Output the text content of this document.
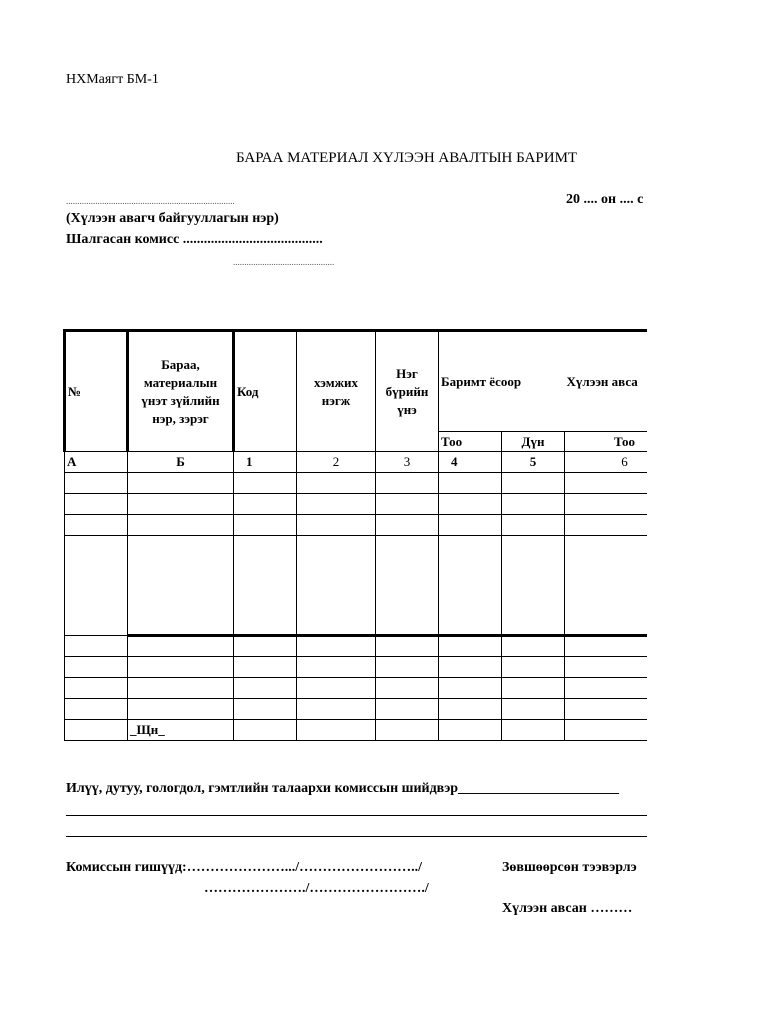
НХМаягт БМ-1
БАРАА МАТЕРИАЛ ХҮЛЭЭН АВАЛТЫН БАРИМТ
...........................................................................	20 .... он .... с
(Хүлээн авагч байгууллагын нэр)
Шалгасан комисс ........................................
.............................................
№	Бараа, материалын үнэт зүйлийн нэр, зэрэг	Код	хэмжих нэгж	Нэг бүрийн үнэ	Баримт ёсоор		Хүлээн авса
					Тоо	Дүн	Тоо
А	Б	1	2	3	4	5	6

	_Щн_						
Илүү, дутуу, гологдол, гэмтлийн талаархи комиссын шийдвэр_______________________
Комиссын гишүүд:………………….../……………………../
…………………./……………………./
Зөвшөөрсөн тээвэрлэ
Хүлээн авсан ………
